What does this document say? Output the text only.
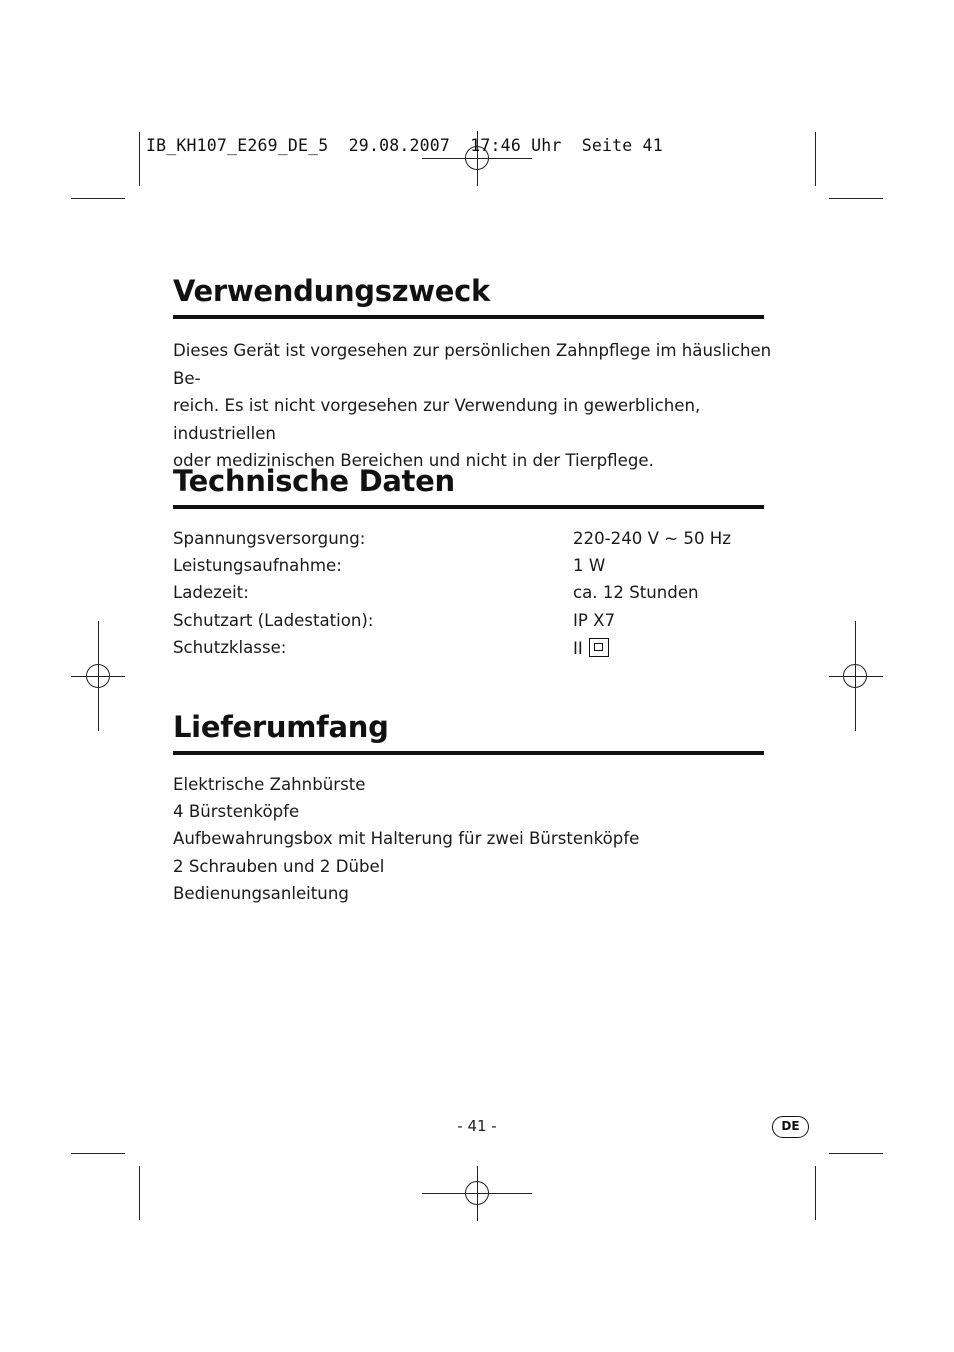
IB_KH107_E269_DE_5  29.08.2007  17:46 Uhr  Seite 41
Verwendungszweck
Dieses Gerät ist vorgesehen zur persönlichen Zahnpflege im häuslichen Be-
reich. Es ist nicht vorgesehen zur Verwendung in gewerblichen, industriellen
oder medizinischen Bereichen und nicht in der Tierpflege.
Technische Daten
Spannungsversorgung:	220-240 V ~ 50 Hz
Leistungsaufnahme:	1 W
Ladezeit:	ca. 12 Stunden
Schutzart (Ladestation):	IP X7
Schutzklasse:	II
Lieferumfang
Elektrische Zahnbürste
4 Bürstenköpfe
Aufbewahrungsbox mit Halterung für zwei Bürstenköpfe
2 Schrauben und 2 Dübel
Bedienungsanleitung
- 41 -	DE
